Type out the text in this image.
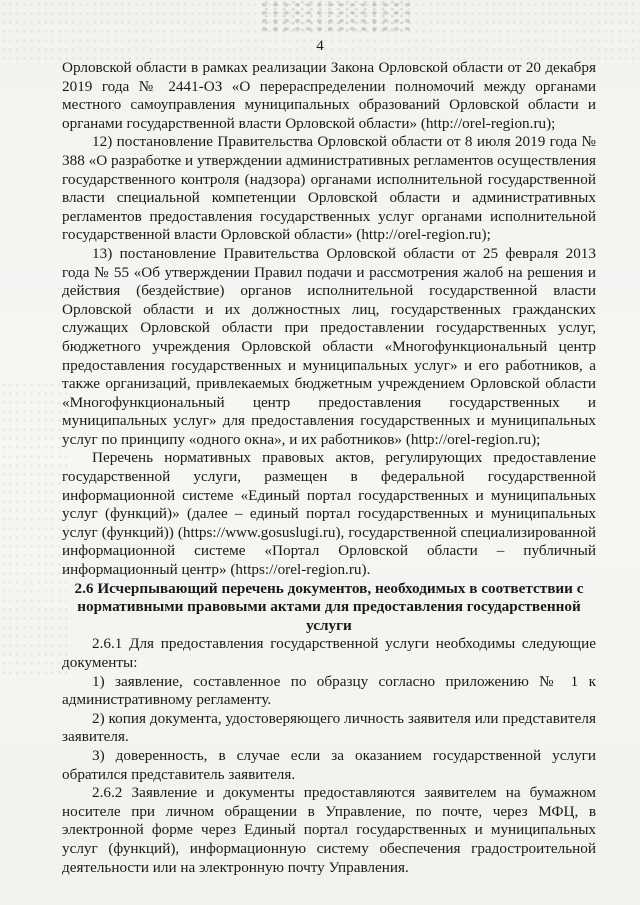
4

Орловской области в рамках реализации Закона Орловской области от 20 декабря 2019 года № 2441-ОЗ «О перераспределении полномочий между органами местного самоуправления муниципальных образований Орловской области и органами государственной власти Орловской области» (http://orel-region.ru);

12) постановление Правительства Орловской области от 8 июля 2019 года № 388 «О разработке и утверждении административных регламентов осуществления государственного контроля (надзора) органами исполнительной государственной власти специальной компетенции Орловской области и административных регламентов предоставления государственных услуг органами исполнительной государственной власти Орловской области» (http://orel-region.ru);

13) постановление Правительства Орловской области от 25 февраля 2013 года № 55 «Об утверждении Правил подачи и рассмотрения жалоб на решения и действия (бездействие) органов исполнительной государственной власти Орловской области и их должностных лиц, государственных гражданских служащих Орловской области при предоставлении государственных услуг, бюджетного учреждения Орловской области «Многофункциональный центр предоставления государственных и муниципальных услуг» и его работников, а также организаций, привлекаемых бюджетным учреждением Орловской области «Многофункциональный центр предоставления государственных и муниципальных услуг» для предоставления государственных и муниципальных услуг по принципу «одного окна», и их работников» (http://orel-region.ru);

Перечень нормативных правовых актов, регулирующих предоставление государственной услуги, размещен в федеральной государственной информационной системе «Единый портал государственных и муниципальных услуг (функций)» (далее – единый портал государственных и муниципальных услуг (функций)) (https://www.gosuslugi.ru), государственной специализированной информационной системе «Портал Орловской области – публичный информационный центр» (https://orel-region.ru).

2.6 Исчерпывающий перечень документов, необходимых в соответствии с нормативными правовыми актами для предоставления государственной услуги

2.6.1 Для предоставления государственной услуги необходимы следующие документы:

1) заявление, составленное по образцу согласно приложению № 1 к административному регламенту.

2) копия документа, удостоверяющего личность заявителя или представителя заявителя.

3) доверенность, в случае если за оказанием государственной услуги обратился представитель заявителя.

2.6.2 Заявление и документы предоставляются заявителем на бумажном носителе при личном обращении в Управление, по почте, через МФЦ, в электронной форме через Единый портал государственных и муниципальных услуг (функций), информационную систему обеспечения градостроительной деятельности или на электронную почту Управления.
